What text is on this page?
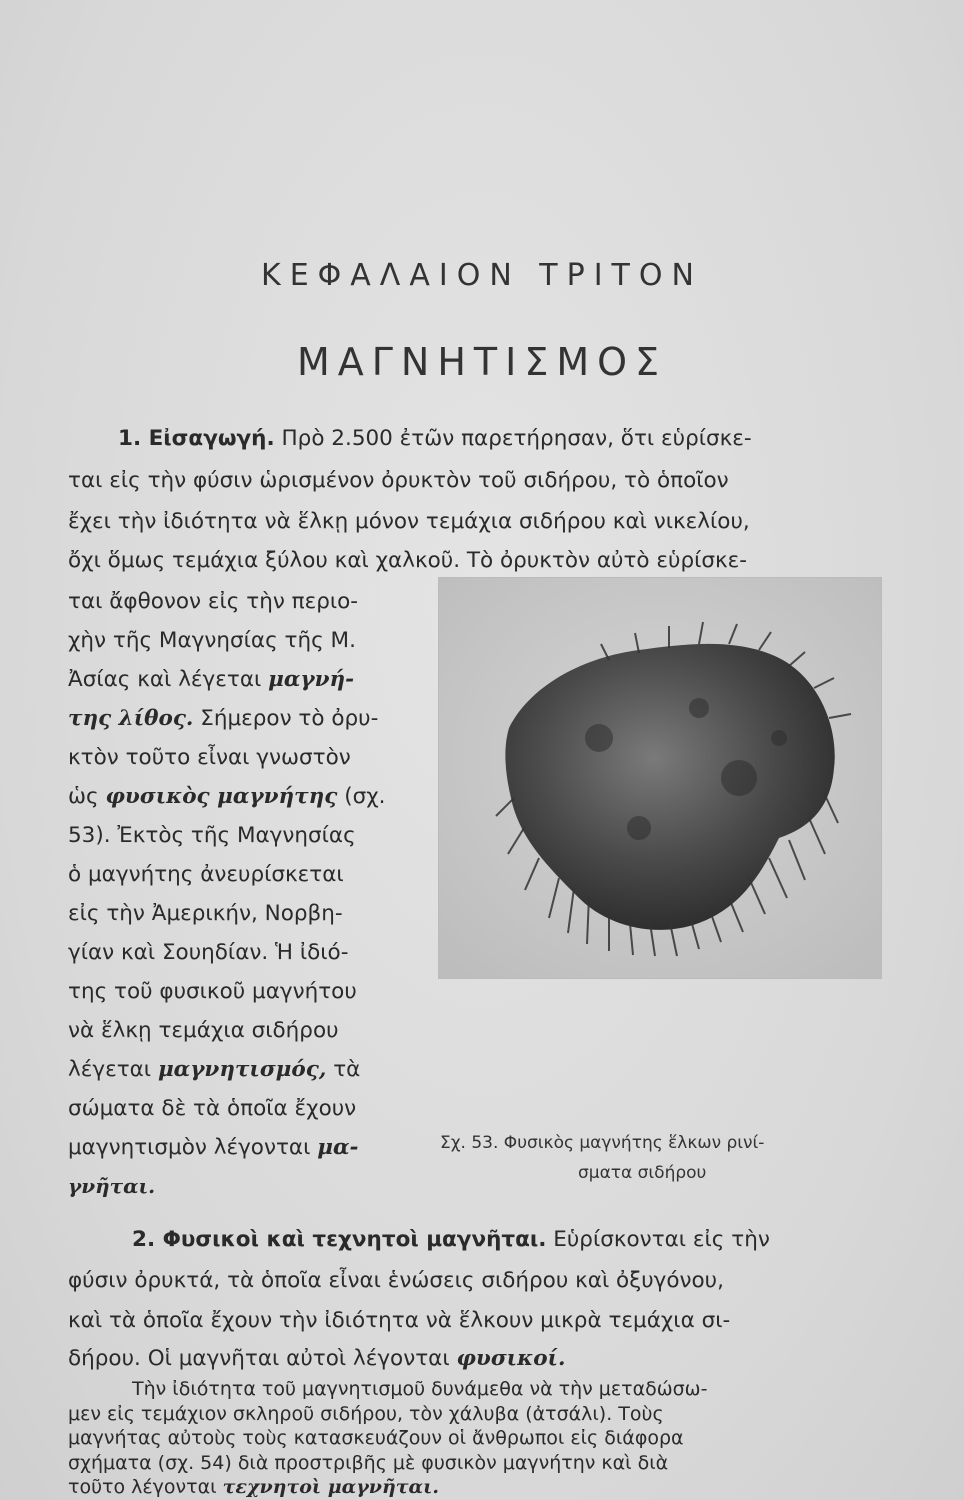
ΚΕΦΑΛΑΙΟΝ ΤΡΙΤΟΝ
ΜΑΓΝΗΤΙΣΜΟΣ
1. Εἰσαγωγή. Πρὸ 2.500 ἐτῶν παρετήρησαν, ὅτι εὑρίσκε-
ται εἰς τὴν φύσιν ὡρισμένον ὀρυκτὸν τοῦ σιδήρου, τὸ ὁποῖον
ἔχει τὴν ἰδιότητα νὰ ἕλκῃ μόνον τεμάχια σιδήρου καὶ νικελίου,
ὄχι ὅμως τεμάχια ξύλου καὶ χαλκοῦ. Τὸ ὀρυκτὸν αὐτὸ εὑρίσκε-
ται ἄφθονον εἰς τὴν περιο-
χὴν τῆς Μαγνησίας τῆς Μ.
Ἀσίας καὶ λέγεται μαγνή-
της λίθος. Σήμερον τὸ ὀρυ-
κτὸν τοῦτο εἶναι γνωστὸν
ὡς φυσικὸς μαγνήτης (σχ.
53). Ἐκτὸς τῆς Μαγνησίας
ὁ μαγνήτης ἀνευρίσκεται
εἰς τὴν Ἀμερικήν, Νορβη-
γίαν καὶ Σουηδίαν. Ἡ ἰδιό-
της τοῦ φυσικοῦ μαγνήτου
νὰ ἕλκῃ τεμάχια σιδήρου
λέγεται μαγνητισμός, τὰ
σώματα δὲ τὰ ὁποῖα ἔχουν
μαγνητισμὸν λέγονται μα-
γνῆται.
Σχ. 53. Φυσικὸς μαγνήτης ἕλκων ρινί-
σματα σιδήρου
2. Φυσικοὶ καὶ τεχνητοὶ μαγνῆται. Εὑρίσκονται εἰς τὴν
φύσιν ὀρυκτά, τὰ ὁποῖα εἶναι ἑνώσεις σιδήρου καὶ ὀξυγόνου,
καὶ τὰ ὁποῖα ἔχουν τὴν ἰδιότητα νὰ ἕλκουν μικρὰ τεμάχια σι-
δήρου. Οἱ μαγνῆται αὐτοὶ λέγονται φυσικοί.
Τὴν ἰδιότητα τοῦ μαγνητισμοῦ δυνάμεθα νὰ τὴν μεταδώσω-
μεν εἰς τεμάχιον σκληροῦ σιδήρου, τὸν χάλυβα (ἀτσάλι). Τοὺς
μαγνήτας αὐτοὺς τοὺς κατασκευάζουν οἱ ἄνθρωποι εἰς διάφορα
σχήματα (σχ. 54) διὰ προστριβῆς μὲ φυσικὸν μαγνήτην καὶ διὰ
τοῦτο λέγονται τεχνητοὶ μαγνῆται.
